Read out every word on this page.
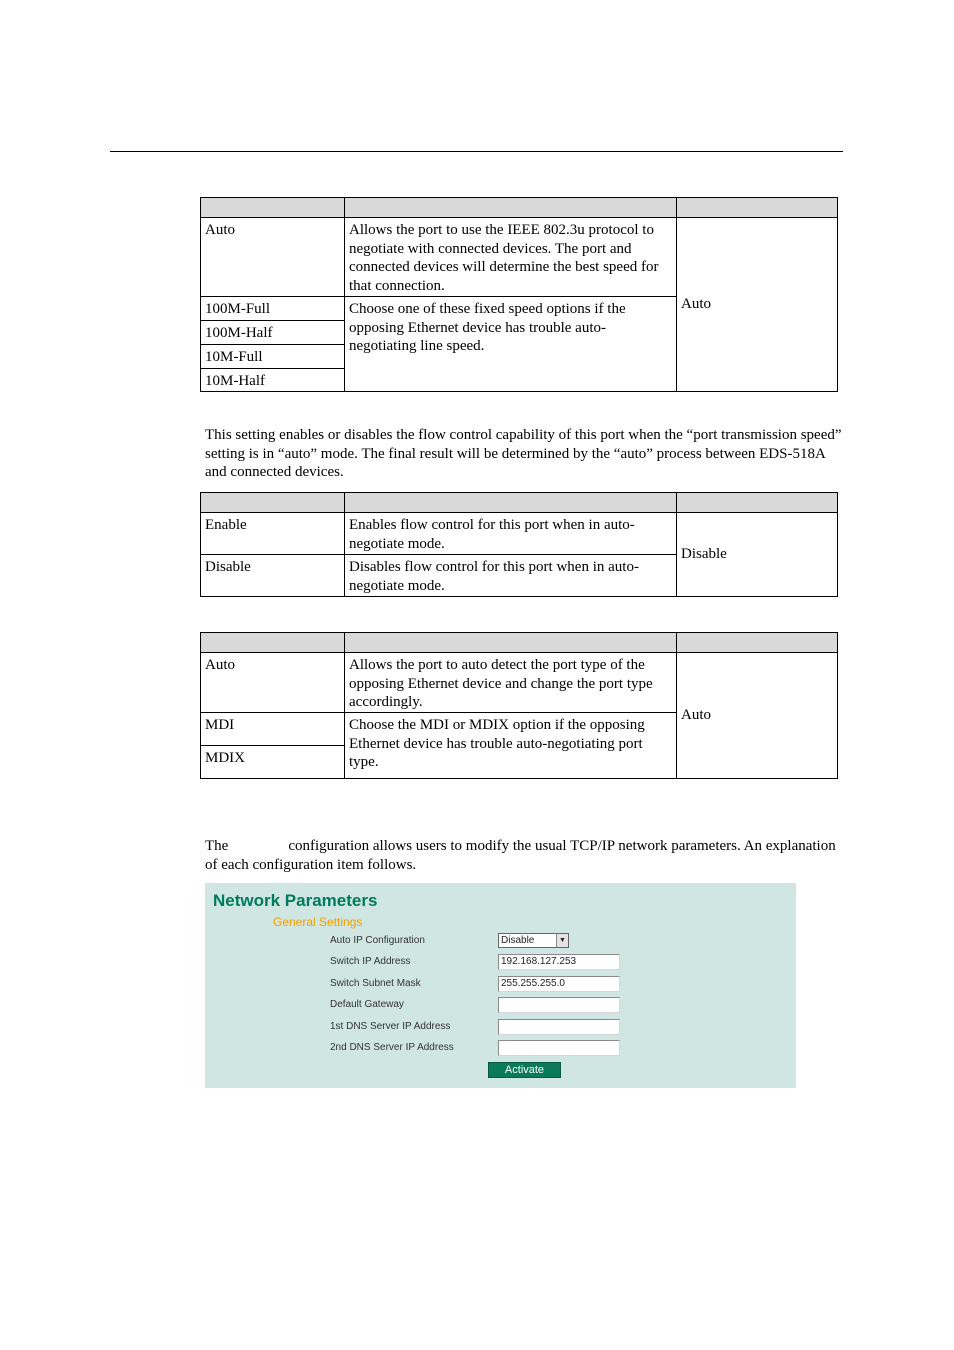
Auto	Allows the port to use the IEEE 802.3u protocol to negotiate with connected devices. The port and connected devices will determine the best speed for that connection.	Auto
100M-Full	Choose one of these fixed speed options if the opposing Ethernet device has trouble auto-negotiating line speed.	
100M-Half		
10M-Full		
10M-Half		
This setting enables or disables the flow control capability of this port when the “port transmission speed” setting is in “auto” mode. The final result will be determined by the “auto” process between EDS-518A and connected devices.

Enable	Enables flow control for this port when in auto-negotiate mode.	Disable
Disable	Disables flow control for this port when in auto-negotiate mode.	

Auto	Allows the port to auto detect the port type of the opposing Ethernet device and change the port type accordingly.	Auto
MDI	Choose the MDI or MDIX option if the opposing Ethernet device has trouble auto-negotiating port type.	
MDIX		
The                configuration allows users to modify the usual TCP/IP network parameters. An explanation of each configuration item follows.
Network Parameters
General Settings
Auto IP Configuration	Disable	▼
Switch IP Address	192.168.127.253
Switch Subnet Mask	255.255.255.0
Default Gateway
1st DNS Server IP Address
2nd DNS Server IP Address
Activate
